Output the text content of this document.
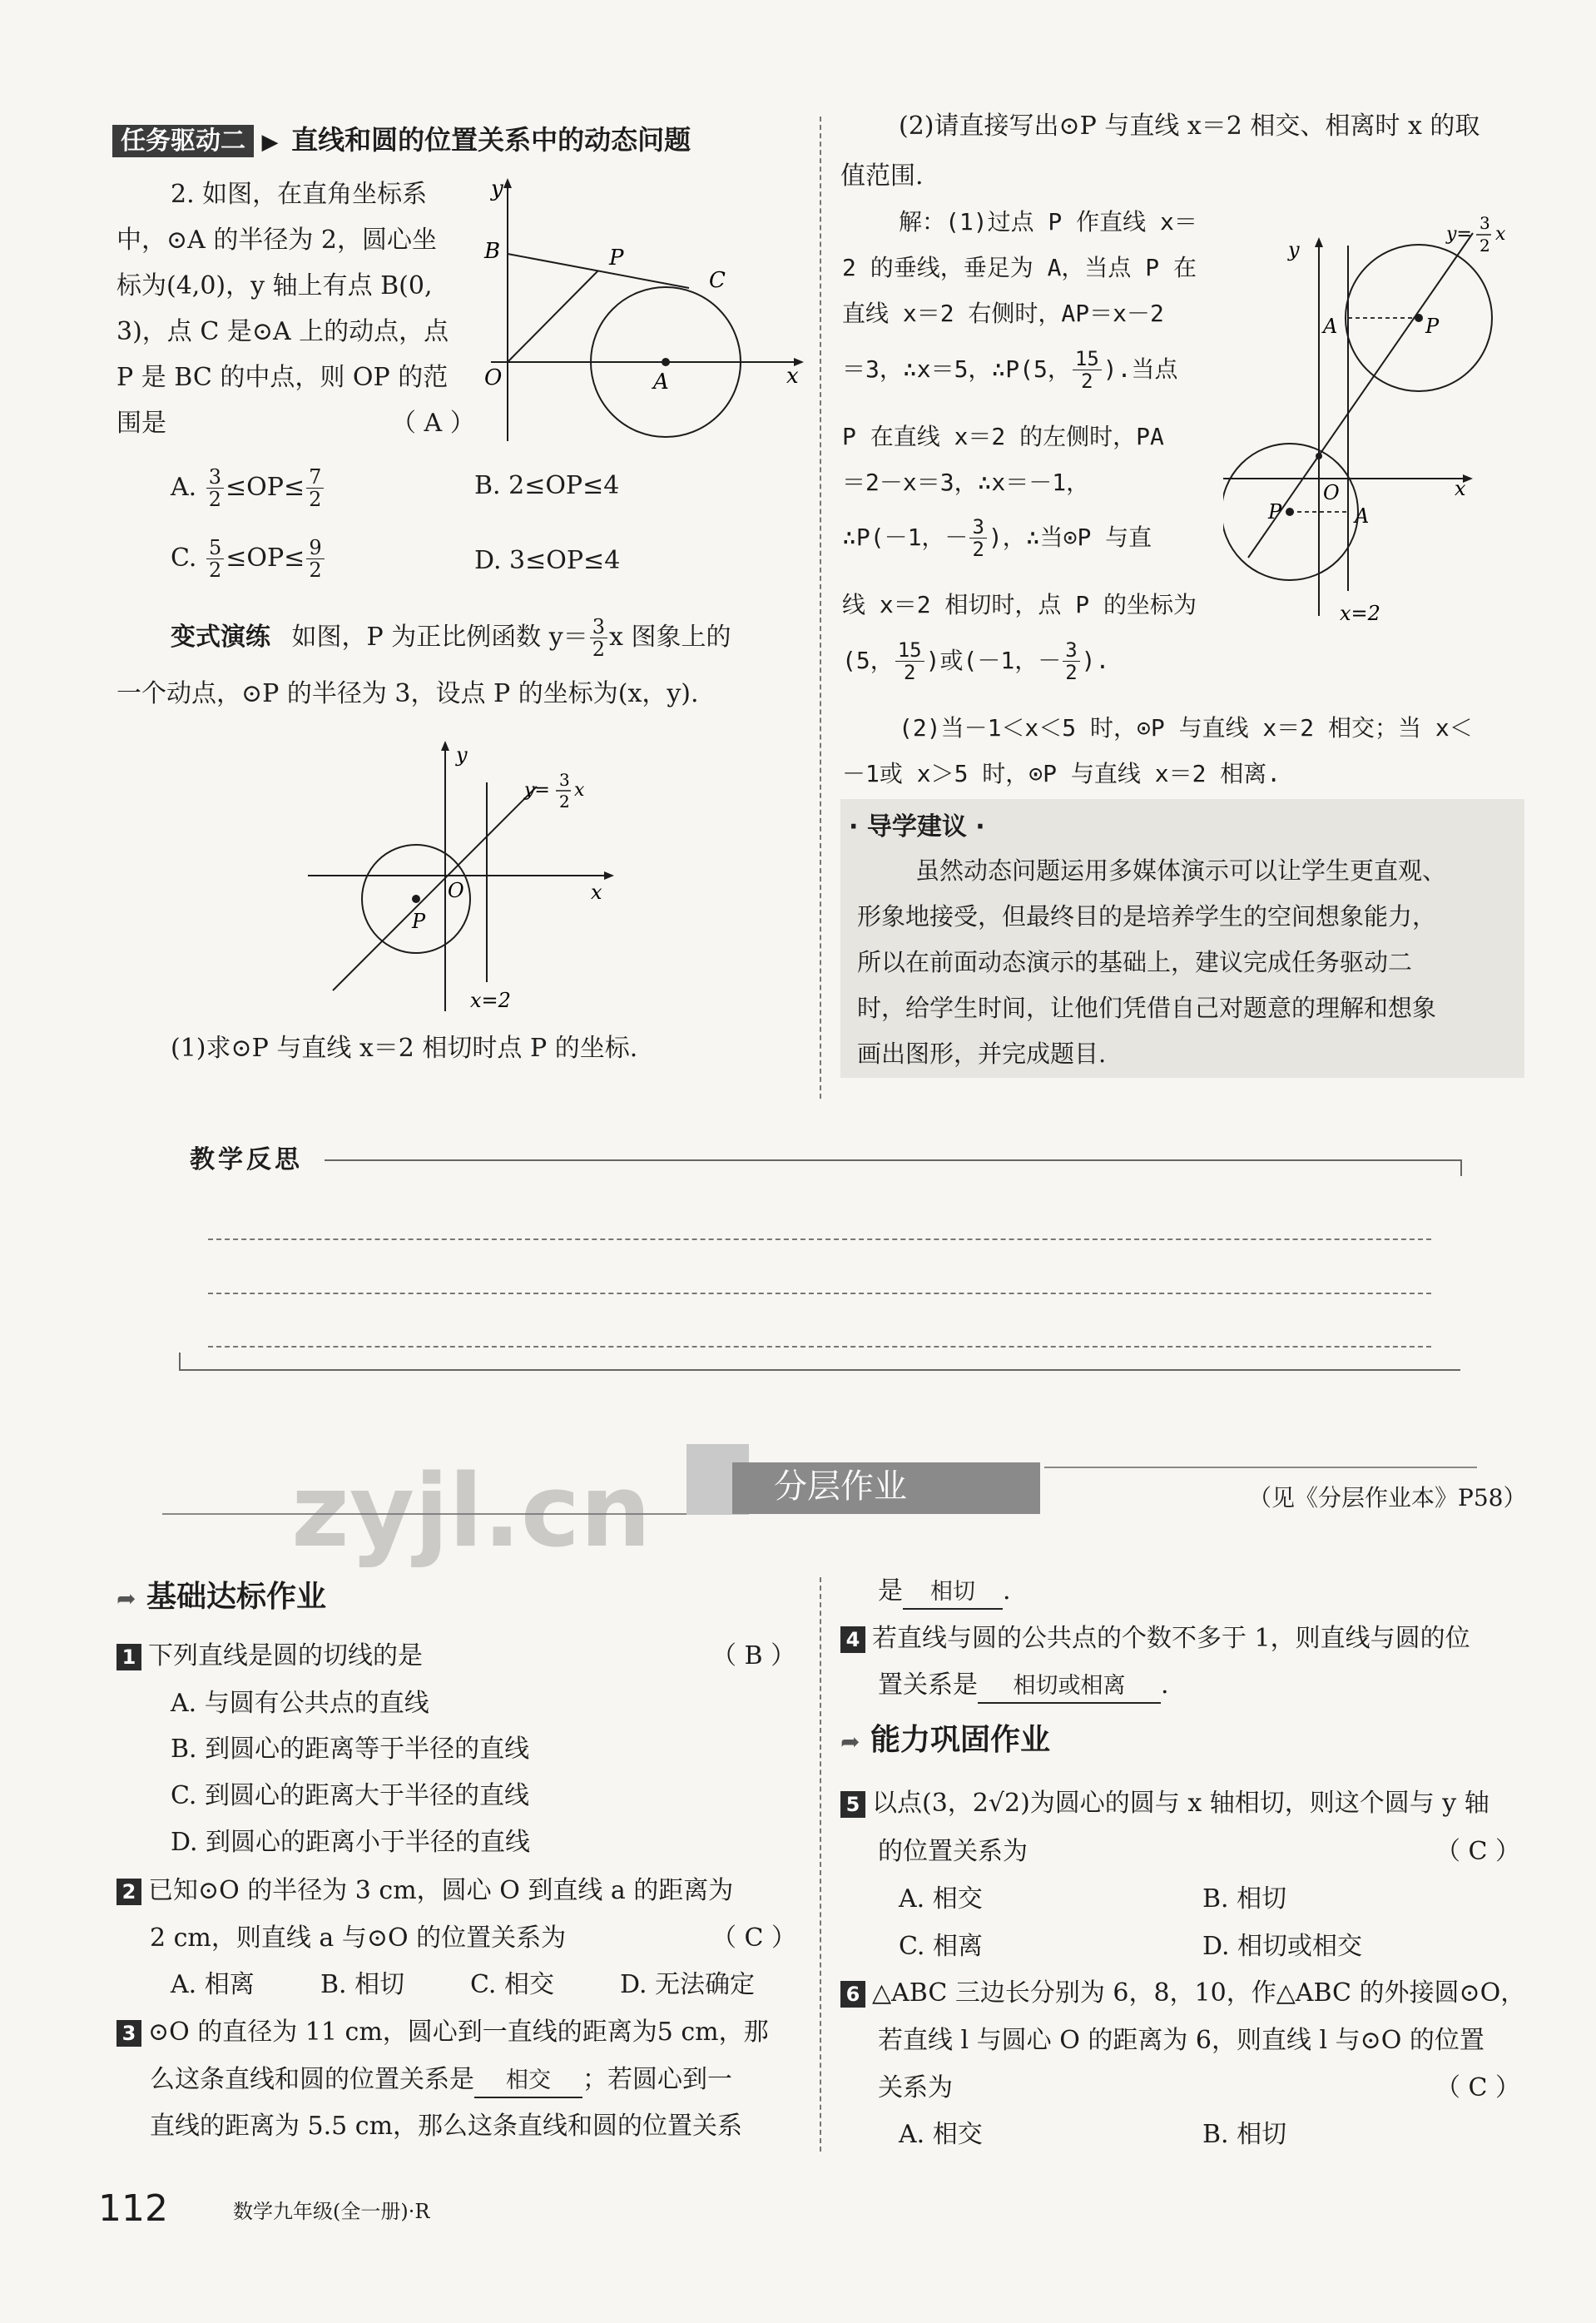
任务驱动二 ▶ 直线和圆的位置关系中的动态问题
2. 如图，在直角坐标系
中，⊙A 的半径为 2，圆心坐
标为(4,0)，y 轴上有点 B(0,
3)，点 C 是⊙A 上的动点，点
P 是 BC 的中点，则 OP 的范
围是	（ A ）
y
x
B	P
C
O	A
A. $\frac{3}{2} \le OP\le \frac{7}{2}$	B. 2≤OP≤4
C. $\frac{5}{2} \le OP\le \frac{9}{2}$	D. 3≤OP≤4
变式演练 如图，P 为正比例函数 $y= \frac{3}{2}$ x 图象上的
一个动点，⊙P 的半径为 3，设点 P 的坐标为(x，y).
y
x
O
P
x=2
y= 3
2
x
(1)求⊙P 与直线 x＝2 相切时点 P 的坐标.
(2)请直接写出⊙P 与直线 x＝2 相交、相离时 x 的取
值范围.
解：(1)过点 P 作直线 x＝
2 的垂线，垂足为 A，当点 P 在
直线 x＝2 右侧时，AP＝x－2
＝3，∴x＝5，∴P(5， $\frac{15}{2}$ ).当点
P 在直线 x＝2 的左侧时，PA
＝2－x＝3，∴x＝－1，
∴P(－1，－ $\frac{3}{2}$ )，∴当⊙P 与直
线 x＝2 相切时，点 P 的坐标为
(5， $\frac{15}{2}$ )或(－1，－ $\frac{3}{2}$ ).
(2)当－1＜x＜5 时，⊙P 与直线 x＝2 相交；当 x＜
－1或 x＞5 时，⊙P 与直线 x＝2 相离.
y
x
O
A	P
A
P
x=2
y=
3
2
x
· 导学建议 ·
虽然动态问题运用多媒体演示可以让学生更直观、
形象地接受，但最终目的是培养学生的空间想象能力，
所以在前面动态演示的基础上，建议完成任务驱动二
时，给学生时间，让他们凭借自己对题意的理解和想象
画出图形，并完成题目.
教学反思
分层作业	（见《分层作业本》P58）
zyjl.cn
➦ 基础达标作业
1 下列直线是圆的切线的是	（ B ）
A. 与圆有公共点的直线
B. 到圆心的距离等于半径的直线
C. 到圆心的距离大于半径的直线
D. 到圆心的距离小于半径的直线
2 已知⊙O 的半径为 3 cm，圆心 O 到直线 a 的距离为
2 cm，则直线 a 与⊙O 的位置关系为	（ C ）
A. 相离	B. 相切	C. 相交	D. 无法确定
3 ⊙O 的直径为 11 cm，圆心到一直线的距离为5 cm，那
么这条直线和圆的位置关系是 相交 ；若圆心到一
直线的距离为 5.5 cm，那么这条直线和圆的位置关系
是 相切 .
4 若直线与圆的公共点的个数不多于 1，则直线与圆的位
置关系是 相切或相离 .
➦ 能力巩固作业
5 以点(3，2√2)为圆心的圆与 x 轴相切，则这个圆与 y 轴
的位置关系为	（ C ）
A. 相交	B. 相切
C. 相离	D. 相切或相交
6 △ABC 三边长分别为 6，8，10，作△ABC 的外接圆⊙O，
若直线 l 与圆心 O 的距离为 6，则直线 l 与⊙O 的位置
关系为	（ C ）
A. 相交	B. 相切
112	数学九年级(全一册)·R
